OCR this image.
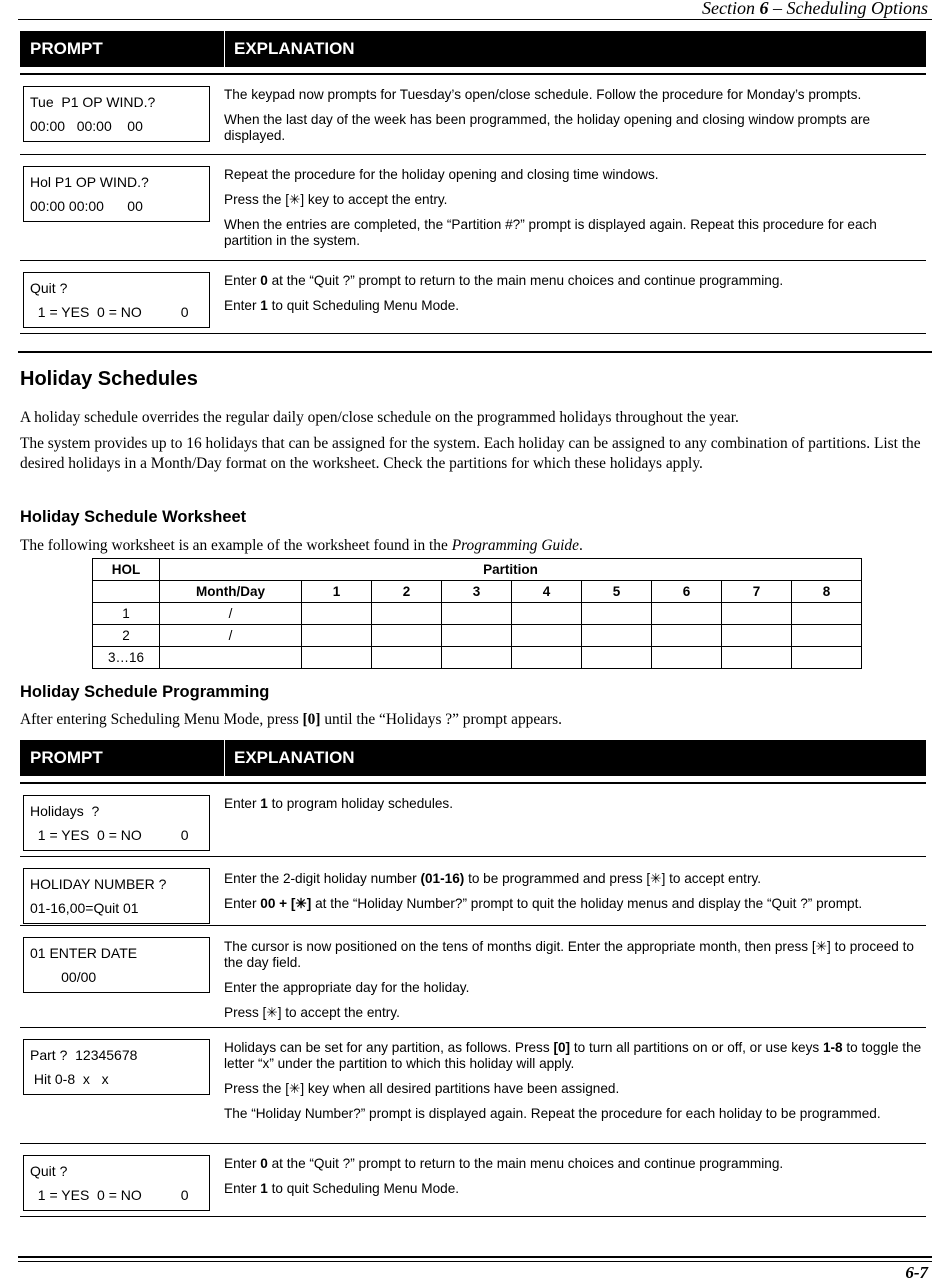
Section 6 – Scheduling Options
PROMPT	EXPLANATION
Tue  P1 OP WIND.?
00:00   00:00    00

The keypad now prompts for Tuesday’s open/close schedule. Follow the procedure for Monday’s prompts.

When the last day of the week has been programmed, the holiday opening and closing window prompts are displayed.

Hol P1 OP WIND.?
00:00 00:00      00

Repeat the procedure for the holiday opening and closing time windows.

Press the [✳] key to accept the entry.

When the entries are completed, the “Partition #?” prompt is displayed again. Repeat this procedure for each partition in the system.

Quit ?
1 = YES  0 = NO          0

Enter 0 at the “Quit ?” prompt to return to the main menu choices and continue programming.

Enter 1 to quit Scheduling Menu Mode.

Holiday Schedules
A holiday schedule overrides the regular daily open/close schedule on the programmed holidays throughout the year.
The system provides up to 16 holidays that can be assigned for the system. Each holiday can be assigned to any combination of partitions. List the desired holidays in a Month/Day format on the worksheet. Check the partitions for which these holidays apply.
Holiday Schedule Worksheet
The following worksheet is an example of the worksheet found in the Programming Guide.
HOL	Partition								
	Month/Day	1	2	3	4	5	6	7	8
1	/								
2	/								
3…16									
Holiday Schedule Programming
After entering Scheduling Menu Mode, press [0] until the “Holidays ?” prompt appears.
PROMPT	EXPLANATION
Holidays  ?
1 = YES  0 = NO          0

Enter 1 to program holiday schedules.

HOLIDAY NUMBER ?
01-16,00=Quit 01

Enter the 2-digit holiday number (01-16) to be programmed and press [✳] to accept entry.

Enter 00 + [✳] at the “Holiday Number?” prompt to quit the holiday menus and display the “Quit ?” prompt.

01 ENTER DATE
00/00

The cursor is now positioned on the tens of months digit. Enter the appropriate month, then press [✳] to proceed to the day field.

Enter the appropriate day for the holiday.

Press [✳] to accept the entry.

Part ?  12345678
Hit 0-8  x   x

Holidays can be set for any partition, as follows. Press [0] to turn all partitions on or off, or use keys 1-8 to toggle the letter “x” under the partition to which this holiday will apply.

Press the [✳] key when all desired partitions have been assigned.

The “Holiday Number?” prompt is displayed again. Repeat the procedure for each holiday to be programmed.

Quit ?
1 = YES  0 = NO          0

Enter 0 at the “Quit ?” prompt to return to the main menu choices and continue programming.

Enter 1 to quit Scheduling Menu Mode.

6-7
